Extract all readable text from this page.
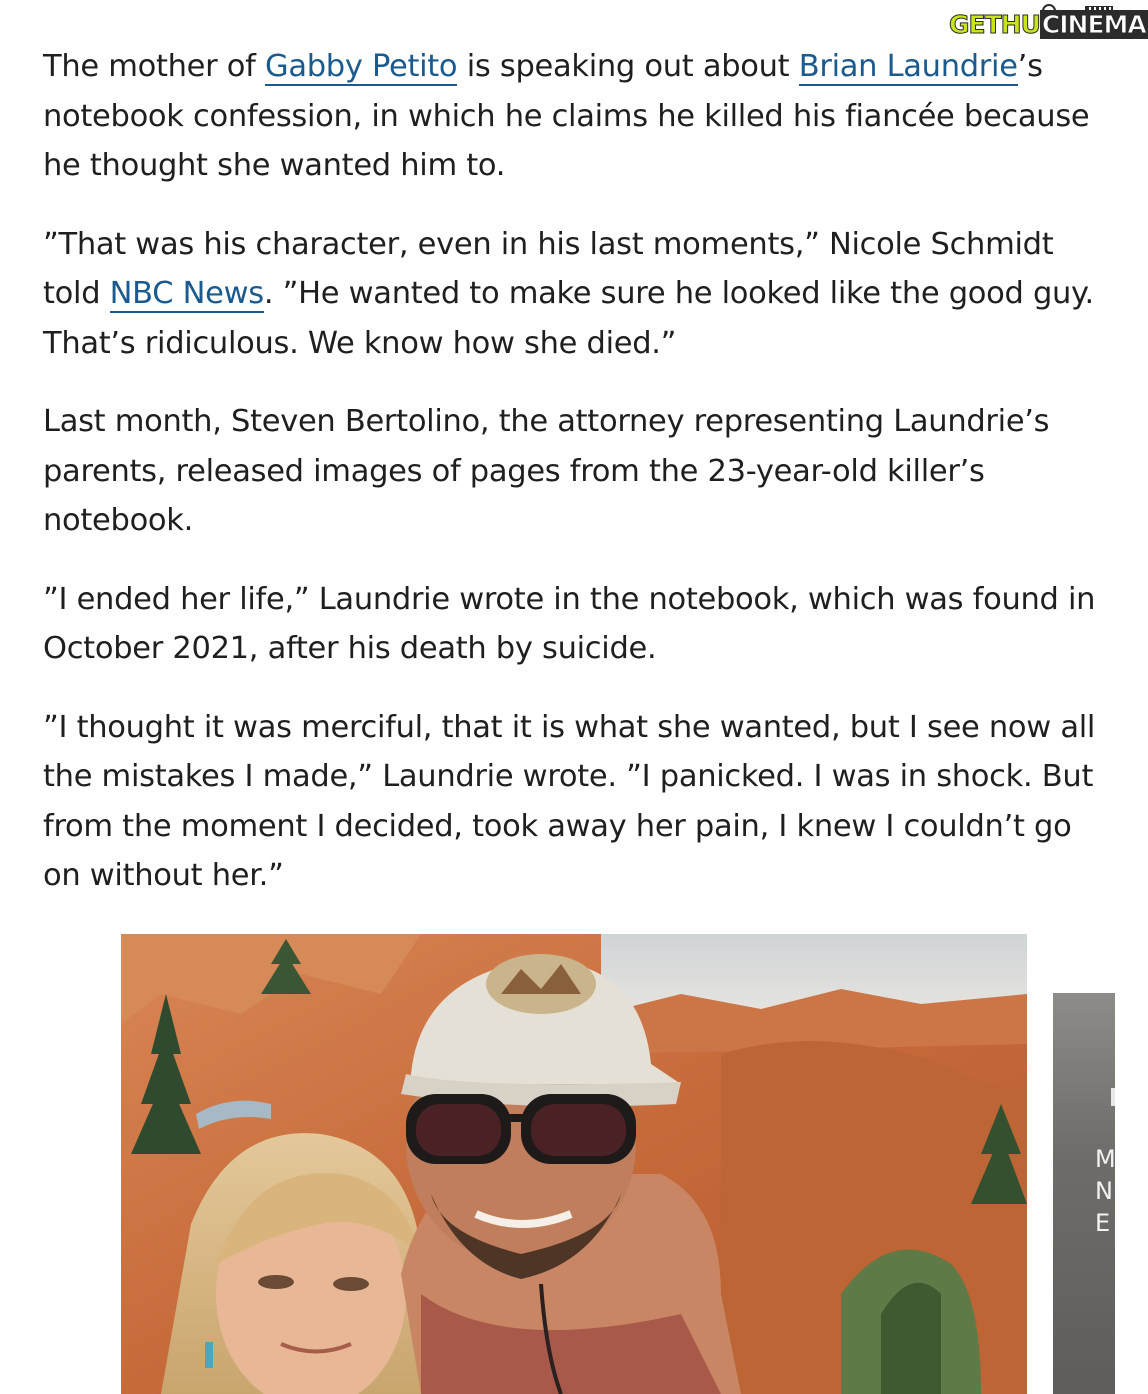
GETHUCINEMA

The mother of Gabby Petito is speaking out about Brian Laundrie’s notebook confession, in which he claims he killed his fiancée because he thought she wanted him to.

”That was his character, even in his last moments,” Nicole Schmidt told NBC News. ”He wanted to make sure he looked like the good guy. That’s ridiculous. We know how she died.”

Last month, Steven Bertolino, the attorney representing Laundrie’s parents, released images of pages from the 23-year-old killer’s notebook.

”I ended her life,” Laundrie wrote in the notebook, which was found in October 2021, after his death by suicide.

”I thought it was merciful, that it is what she wanted, but I see now all the mistakes I made,” Laundrie wrote. ”I panicked. I was in shock. But from the moment I decided, took away her pain, I knew I couldn’t go on without her.”

M
N
E
